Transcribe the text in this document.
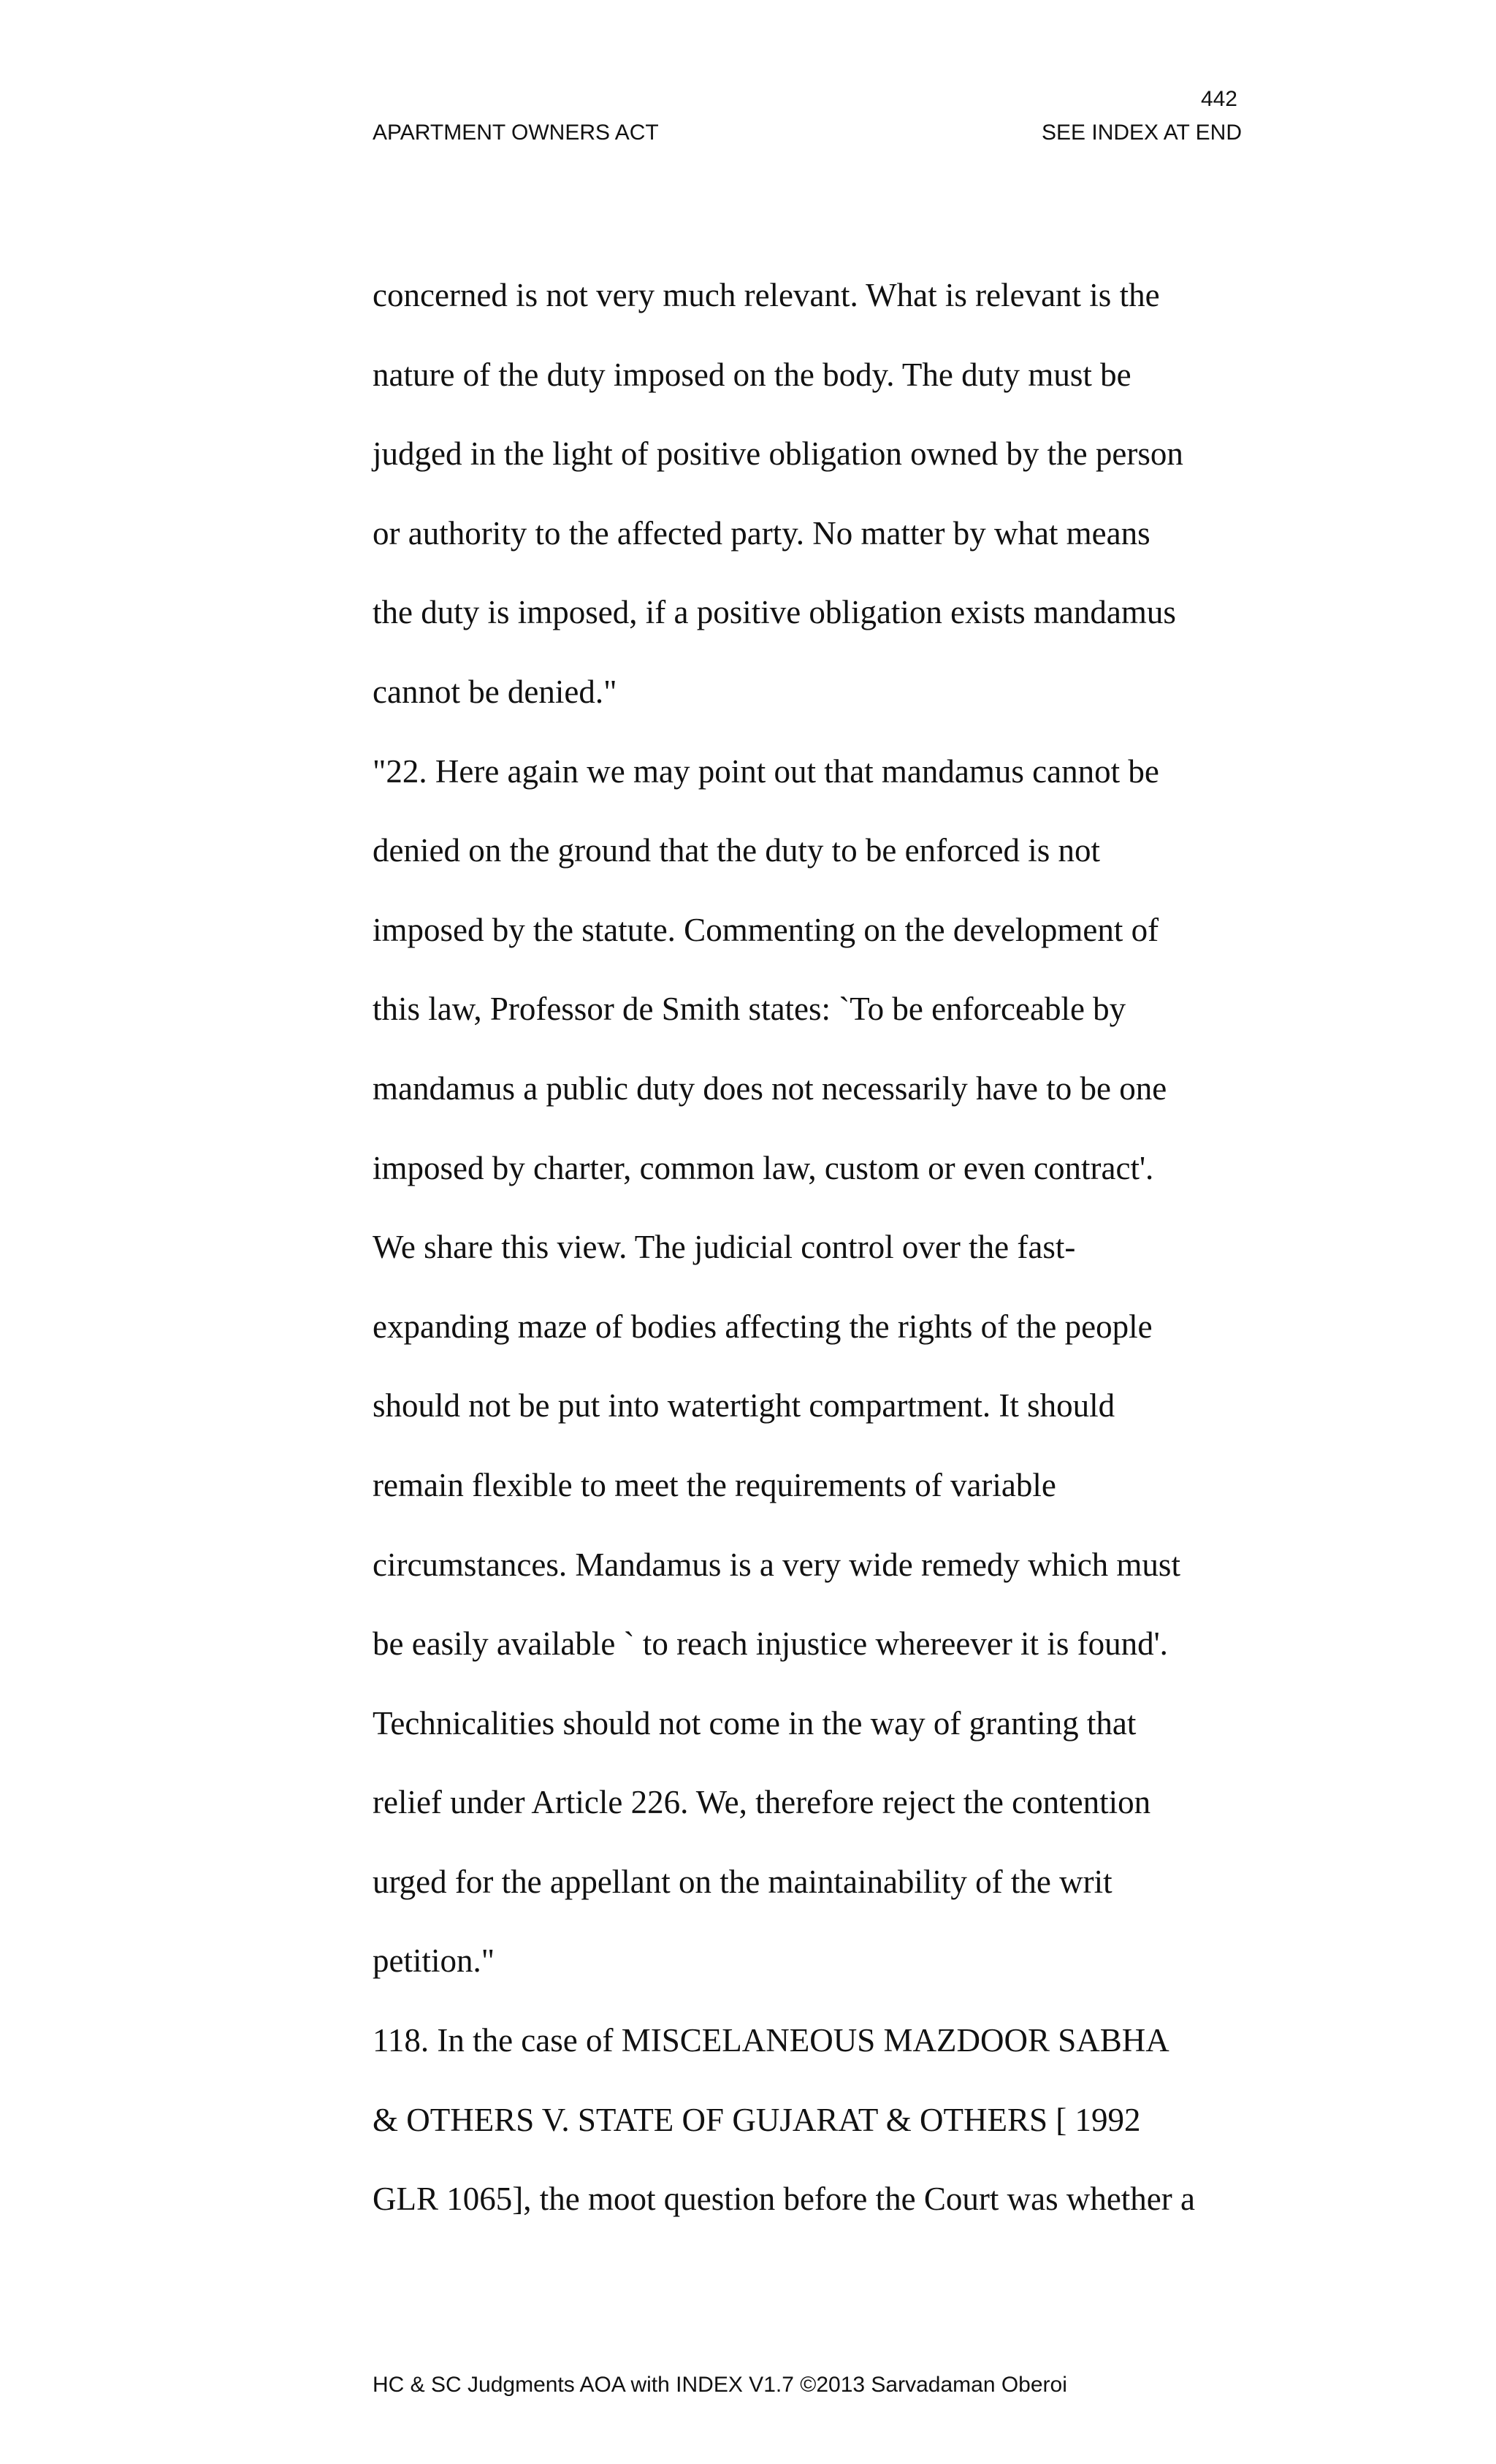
442
APARTMENT OWNERS ACT	SEE INDEX AT END

concerned is not very much relevant. What is relevant is the
nature of the duty imposed on the body. The duty must be
judged in the light of positive obligation owned by the person
or authority to the affected party. No matter by what means
the duty is imposed, if a positive obligation exists mandamus
cannot be denied."

"22. Here again we may point out that mandamus cannot be
denied on the ground that the duty to be enforced is not
imposed by the statute. Commenting on the development of
this law, Professor de Smith states: `To be enforceable by
mandamus a public duty does not necessarily have to be one
imposed by charter, common law, custom or even contract'.
We share this view. The judicial control over the fast-
expanding maze of bodies affecting the rights of the people
should not be put into watertight compartment. It should
remain flexible to meet the requirements of variable
circumstances. Mandamus is a very wide remedy which must
be easily available ` to reach injustice whereever it is found'.
Technicalities should not come in the way of granting that
relief under Article 226. We, therefore reject the contention
urged for the appellant on the maintainability of the writ
petition."

118. In the case of MISCELANEOUS MAZDOOR SABHA
& OTHERS V. STATE OF GUJARAT & OTHERS [ 1992
GLR 1065], the moot question before the Court was whether a

HC & SC Judgments AOA with INDEX V1.7 ©2013 Sarvadaman Oberoi
